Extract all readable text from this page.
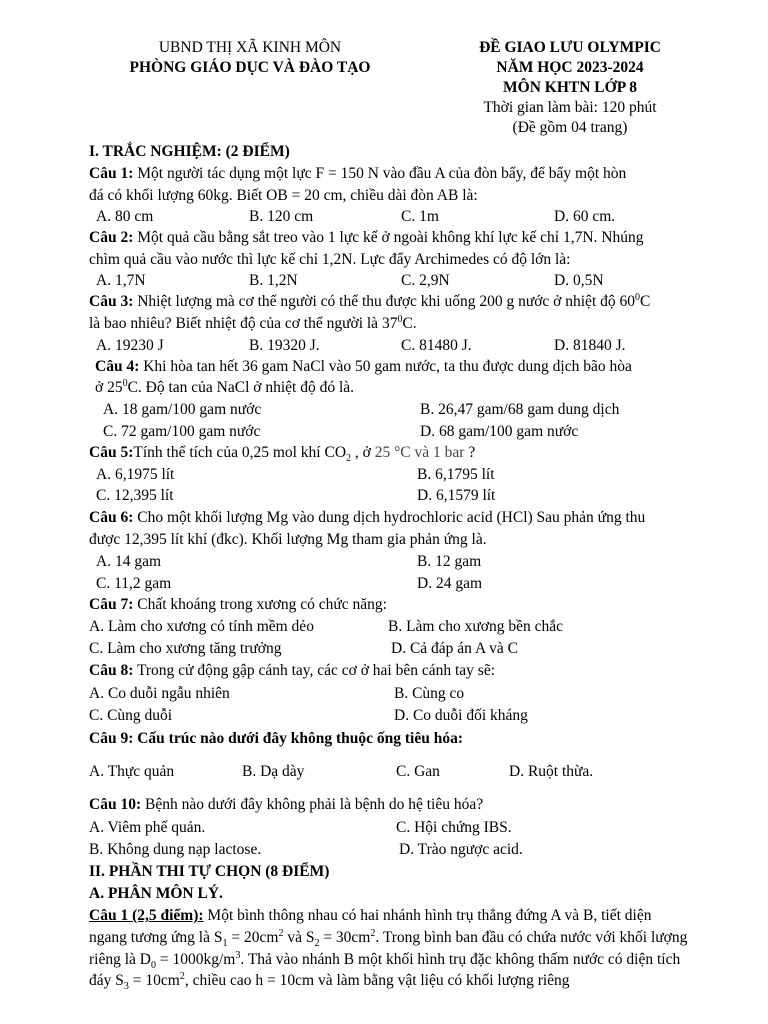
UBND THỊ XÃ KINH MÔN
PHÒNG GIÁO DỤC VÀ ĐÀO TẠO
ĐỀ GIAO LƯU OLYMPIC
NĂM HỌC 2023-2024
MÔN KHTN LỚP 8
Thời gian làm bài: 120 phút
(Đề gồm 04 trang)
I. TRẮC NGHIỆM: (2 ĐIỂM)
Câu 1: Một người tác dụng một lực F = 150 N vào đầu A của đòn bẩy, để bẩy một hòn
đá có khối lượng 60kg. Biết OB = 20 cm, chiều dài đòn AB là:
A. 80 cm	B. 120 cm	C. 1m	D. 60 cm.
Câu 2: Một quả cầu bằng sắt treo vào 1 lực kế ở ngoài không khí lực kế chỉ 1,7N. Nhúng
chìm quả cầu vào nước thì lực kế chỉ 1,2N. Lực đẩy Archimedes có độ lớn là:
A. 1,7N	B. 1,2N	C. 2,9N	D. 0,5N
Câu 3: Nhiệt lượng mà cơ thể người có thể thu được khi uống 200 g nước ở nhiệt độ $60^0C$
là bao nhiêu? Biết nhiệt độ của cơ thể người là $37^0C$.
A. 19230 J	B. 19320 J.	C. 81480 J.	D. 81840 J.
Câu 4: Khi hòa tan hết 36 gam NaCl vào 50 gam nước, ta thu được dung dịch bão hòa
ở $25^0C$. Độ tan của NaCl ở nhiệt độ đó là.
A. 18 gam/100 gam nước	B. 26,47 gam/68 gam dung dịch
C. 72 gam/100 gam nước	D. 68 gam/100 gam nước
Câu 5:Tính thể tích của 0,25 mol khí $CO_2$ , ở 25 °C và 1 bar ?
A. 6,1975 lít	B. 6,1795 lít
C. 12,395 lít	D. 6,1579 lít
Câu 6: Cho một khối lượng Mg vào dung dịch hydrochloric acid (HCl) Sau phản ứng thu
được 12,395 lít khí (đkc). Khối lượng Mg tham gia phản ứng là.
A. 14 gam	B. 12 gam
C. 11,2 gam	D. 24 gam
Câu 7: Chất khoáng trong xương có chức năng:
A. Làm cho xương có tính mềm dẻo	B. Làm cho xương bền chắc
C. Làm cho xương tăng trưởng	D. Cả đáp án A và C
Câu 8: Trong cử động gập cánh tay, các cơ ở hai bên cánh tay sẽ:
A. Co duỗi ngẫu nhiên	B. Cùng co
C. Cùng duỗi	D. Co duỗi đối kháng
Câu 9: Cấu trúc nào dưới đây không thuộc ống tiêu hóa:
A. Thực quản	B. Dạ dày	C. Gan	D. Ruột thừa.
Câu 10: Bệnh nào dưới đây không phải là bệnh do hệ tiêu hóa?
A. Viêm phế quản.	C. Hội chứng IBS.
B. Không dung nạp lactose.	D. Trào ngược acid.
II. PHẦN THI TỰ CHỌN (8 ĐIỂM)
A. PHÂN MÔN LÝ.
Câu 1 (2,5 điểm): Một bình thông nhau có hai nhánh hình trụ thẳng đứng A và B, tiết diện
ngang tương ứng là $S_1 = 20cm^2$ và $S_2 = 30cm^2$. Trong bình ban đầu có chứa nước với khối lượng
riêng là $D_0 = 1000kg/m^3$. Thả vào nhánh B một khối hình trụ đặc không thấm nước có diện tích
đáy $S_3 = 10cm^2$, chiều cao h = 10cm và làm bằng vật liệu có khối lượng riêng
